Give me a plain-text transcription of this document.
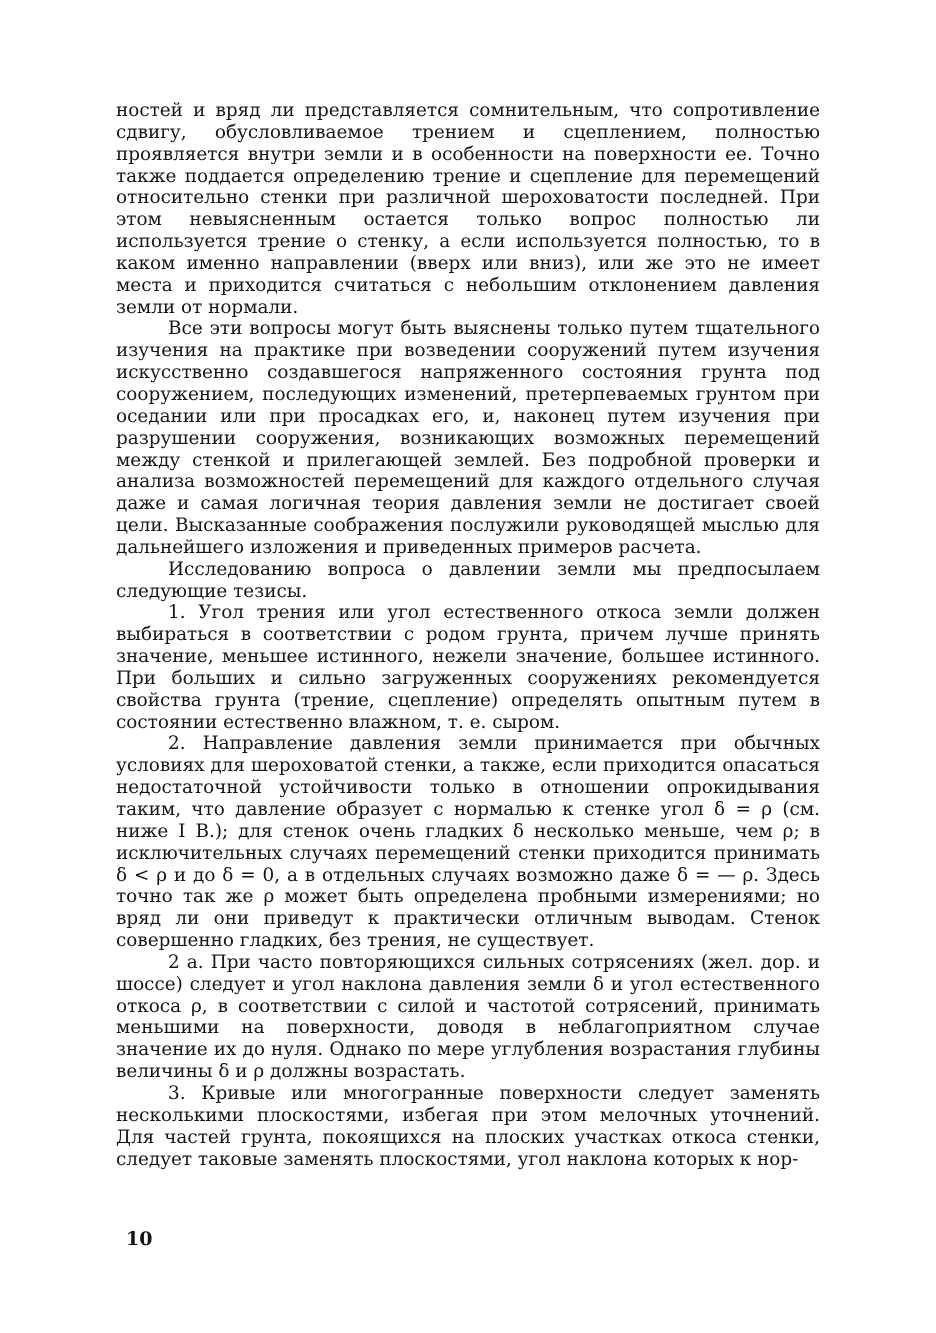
ностей и вряд ли представляется сомнительным, что сопротивление сдвигу, обусловливаемое трением и сцеплением, полностью проявляется внутри земли и в особенности на поверхности ее. Точно также поддается определению трение и сцепление для перемещений относительно стенки при различной шероховатости последней. При этом невыясненным остается только вопрос полностью ли используется трение о стенку, а если используется полностью, то в каком именно направлении (вверх или вниз), или же это не имеет места и приходится считаться с небольшим отклонением давления земли от нормали.

Все эти вопросы могут быть выяснены только путем тщательного изучения на практике при возведении сооружений путем изучения искусственно создавшегося напряженного состояния грунта под сооружением, последующих изменений, претерпеваемых грунтом при оседании или при просадках его, и, наконец путем изучения при разрушении сооружения, возникающих возможных перемещений между стенкой и прилегающей землей. Без подробной проверки и анализа возможностей перемещений для каждого отдельного случая даже и самая логичная теория давления земли не достигает своей цели. Высказанные соображения послужили руководящей мыслью для дальнейшего изложения и приведенных примеров расчета.

Исследованию вопроса о давлении земли мы предпосылаем следующие тезисы.

1. Угол трения или угол естественного откоса земли должен выбираться в соответствии с родом грунта, причем лучше принять значение, меньшее истинного, нежели значение, большее истинного. При больших и сильно загруженных сооружениях рекомендуется свойства грунта (трение, сцепление) определять опытным путем в состоянии естественно влажном, т. е. сыром.

2. Направление давления земли принимается при обычных условиях для шероховатой стенки, а также, если приходится опасаться недостаточной устойчивости только в отношении опрокидывания таким, что давление образует с нормалью к стенке угол δ = ρ (см. ниже I В.); для стенок очень гладких δ несколько меньше, чем ρ; в исключительных случаях перемещений стенки приходится принимать δ < ρ и до δ = 0, а в отдельных случаях возможно даже δ = — ρ. Здесь точно так же ρ может быть определена пробными измерениями; но вряд ли они приведут к практически отличным выводам. Стенок совершенно гладких, без трения, не существует.

2 а. При часто повторяющихся сильных сотрясениях (жел. дор. и шоссе) следует и угол наклона давления земли δ и угол естественного откоса ρ, в соответствии с силой и частотой сотрясений, принимать меньшими на поверхности, доводя в неблагоприятном случае значение их до нуля. Однако по мере углубления возрастания глубины величины δ и ρ должны возрастать.

3. Кривые или многогранные поверхности следует заменять несколькими плоскостями, избегая при этом мелочных уточнений. Для частей грунта, покоящихся на плоских участках откоса стенки, следует таковые заменять плоскостями, угол наклона которых к нор-

10
